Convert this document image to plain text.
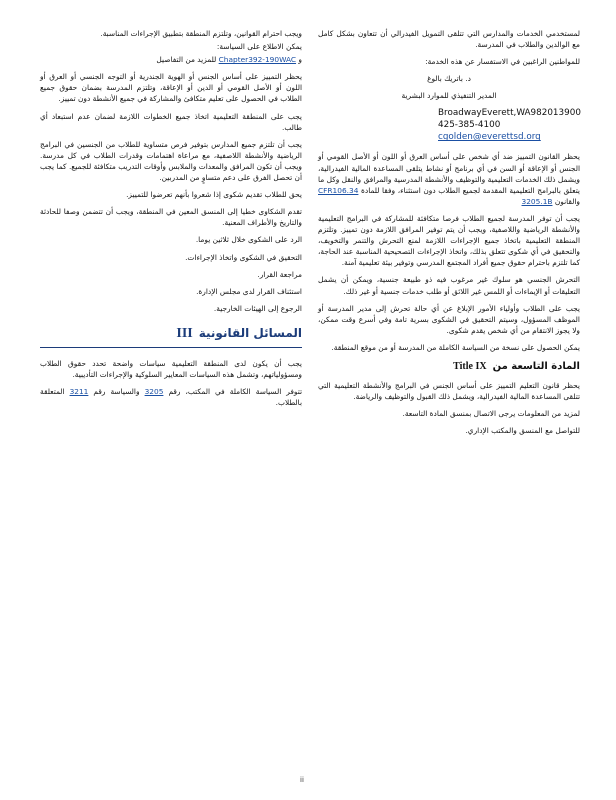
ﻟﻤﺴﺘﺨﺪﻣﻲ ﺍﻟﺨﺪﻣﺎﺕ ﻭﺍﻟﻤﺪﺍﺭﺱ ﺍﻟﺘﻲ ﺗﺘﻠﻘﻰ ﺍﻟﺘﻤﻮﻳﻞ ﺍﻟﻔﻴﺪﺭﺍﻟﻲ ﺃﻥ ﺗﺘﻌﺎﻭﻥ ﺑﺸﻜﻞ ﻛﺎﻣﻞ ﻣﻊ ﺍﻟﻮﺍﻟﺪﻳﻦ ﻭﺍﻟﻄﻼﺏ ﻓﻲ ﺍﻟﻤﺪﺭﺳﺔ.

ﻟﻠﻤﻮﺍﻃﻨﻴﻦ ﺍﻟﺮﺍﻏﺒﻴﻦ ﻓﻲ ﺍﻻﺳﺘﻔﺴﺎﺭ ﻋﻦ ﻫﺬﻩ ﺍﻟﺨﺪﻣﺔ:

ﺩ. ﺑﺎﺗﺮﻳﻚ ﺑﺎﻟﻮﻍ

ﺍﻟﻤﺪﻳﺮ ﺍﻟﺘﻨﻔﻴﺬﻱ ﻟﻠﻤﻮﺍﺭﺩ ﺍﻟﺒﺸﺮﻳﺔ

BroadwayEverett,WA982013900
425-385-4100
cgolden@everettsd.org

ﻳﺤﻈﺮ ﺍﻟﻘﺎﻧﻮﻥ ﺍﻟﺘﻤﻴﻴﺰ ﺿﺪ ﺃﻱ ﺷﺨﺺ ﻋﻠﻰ ﺃﺳﺎﺱ ﺍﻟﻌﺮﻕ ﺃﻭ ﺍﻟﻠﻮﻥ ﺃﻭ ﺍﻷﺻﻞ ﺍﻟﻘﻮﻣﻲ ﺃﻭ ﺍﻟﺠﻨﺲ ﺃﻭ ﺍﻹﻋﺎﻗﺔ ﺃﻭ ﺍﻟﺴﻦ ﻓﻲ ﺃﻱ ﺑﺮﻧﺎﻣﺞ ﺃﻭ ﻧﺸﺎﻁ ﻳﺘﻠﻘﻰ ﺍﻟﻤﺴﺎﻋﺪﺓ ﺍﻟﻤﺎﻟﻴﺔ ﺍﻟﻔﻴﺪﺭﺍﻟﻴﺔ، ﻭﻳﺸﻤﻞ ﺫﻟﻚ ﺍﻟﺨﺪﻣﺎﺕ ﺍﻟﺘﻌﻠﻴﻤﻴﺔ ﻭﺍﻟﺘﻮﻇﻴﻒ ﻭﺍﻷﻧﺸﻄﺔ ﺍﻟﻤﺪﺭﺳﻴﺔ ﻭﺍﻟﻤﺮﺍﻓﻖ ﻭﺍﻟﻨﻘﻞ ﻭﻛﻞ ﻣﺎ ﻳﺘﻌﻠﻖ ﺑﺎﻟﺒﺮﺍﻣﺞ ﺍﻟﺘﻌﻠﻴﻤﻴﺔ ﺍﻟﻤﻘﺪﻣﺔ ﻟﺠﻤﻴﻊ ﺍﻟﻄﻼﺏ ﺩﻭﻥ ﺍﺳﺘﺜﻨﺎﺀ، ﻭﻓﻘﺎ ﻟﻠﻤﺎﺩﺓ CFR106.34 ﻭﺍﻟﻘﺎﻧﻮﻥ 3205.1B

ﻳﺠﺐ ﺃﻥ ﺗﻮﻓﺮ ﺍﻟﻤﺪﺭﺳﺔ ﻟﺠﻤﻴﻊ ﺍﻟﻄﻼﺏ ﻓﺮﺻﺎ ﻣﺘﻜﺎﻓﺌﺔ ﻟﻠﻤﺸﺎﺭﻛﺔ ﻓﻲ ﺍﻟﺒﺮﺍﻣﺞ ﺍﻟﺘﻌﻠﻴﻤﻴﺔ ﻭﺍﻷﻧﺸﻄﺔ ﺍﻟﺮﻳﺎﺿﻴﺔ ﻭﺍﻟﻼﺻﻔﻴﺔ، ﻭﻳﺠﺐ ﺃﻥ ﻳﺘﻢ ﺗﻮﻓﻴﺮ ﺍﻟﻤﺮﺍﻓﻖ ﺍﻟﻼﺯﻣﺔ ﺩﻭﻥ ﺗﻤﻴﻴﺰ. ﻭﺗﻠﺘﺰﻡ ﺍﻟﻤﻨﻄﻘﺔ ﺍﻟﺘﻌﻠﻴﻤﻴﺔ ﺑﺎﺗﺨﺎﺫ ﺟﻤﻴﻊ ﺍﻹﺟﺮﺍﺀﺍﺕ ﺍﻟﻼﺯﻣﺔ ﻟﻤﻨﻊ ﺍﻟﺘﺤﺮﺵ ﻭﺍﻟﺘﻨﻤﺮ ﻭﺍﻟﺘﺨﻮﻳﻒ، ﻭﺍﻟﺘﺤﻘﻴﻖ ﻓﻲ ﺃﻱ ﺷﻜﻮﻯ ﺗﺘﻌﻠﻖ ﺑﺬﻟﻚ، ﻭﺍﺗﺨﺎﺫ ﺍﻹﺟﺮﺍﺀﺍﺕ ﺍﻟﺘﺼﺤﻴﺤﻴﺔ ﺍﻟﻤﻨﺎﺳﺒﺔ ﻋﻨﺪ ﺍﻟﺤﺎﺟﺔ، ﻛﻤﺎ ﺗﻠﺘﺰﻡ ﺑﺎﺣﺘﺮﺍﻡ ﺣﻘﻮﻕ ﺟﻤﻴﻊ ﺃﻓﺮﺍﺩ ﺍﻟﻤﺠﺘﻤﻊ ﺍﻟﻤﺪﺭﺳﻲ ﻭﺗﻮﻓﻴﺮ ﺑﻴﺌﺔ ﺗﻌﻠﻴﻤﻴﺔ ﺁﻣﻨﺔ.

ﺍﻟﺘﺤﺮﺵ ﺍﻟﺠﻨﺴﻲ ﻫﻮ ﺳﻠﻮﻙ ﻏﻴﺮ ﻣﺮﻏﻮﺏ ﻓﻴﻪ ﺫﻭ ﻃﺒﻴﻌﺔ ﺟﻨﺴﻴﺔ، ﻭﻳﻤﻜﻦ ﺃﻥ ﻳﺸﻤﻞ ﺍﻟﺘﻌﻠﻴﻘﺎﺕ ﺃﻭ ﺍﻹﻳﻤﺎﺀﺍﺕ ﺃﻭ ﺍﻟﻠﻤﺲ ﻏﻴﺮ ﺍﻟﻼﺋﻖ ﺃﻭ ﻃﻠﺐ ﺧﺪﻣﺎﺕ ﺟﻨﺴﻴﺔ ﺃﻭ ﻏﻴﺮ ﺫﻟﻚ.

ﻳﺠﺐ ﻋﻠﻰ ﺍﻟﻄﻼﺏ ﻭﺃﻭﻟﻴﺎﺀ ﺍﻷﻣﻮﺭ ﺍﻹﺑﻼﻍ ﻋﻦ ﺃﻱ ﺣﺎﻟﺔ ﺗﺤﺮﺵ ﺇﻟﻰ ﻣﺪﻳﺮ ﺍﻟﻤﺪﺭﺳﺔ ﺃﻭ ﺍﻟﻤﻮﻇﻒ ﺍﻟﻤﺴﺆﻭﻝ، ﻭﺳﻴﺘﻢ ﺍﻟﺘﺤﻘﻴﻖ ﻓﻲ ﺍﻟﺸﻜﻮﻯ ﺑﺴﺮﻳﺔ ﺗﺎﻣﺔ ﻭﻓﻲ ﺃﺳﺮﻉ ﻭﻗﺖ ﻣﻤﻜﻦ، ﻭﻻ ﻳﺠﻮﺯ ﺍﻻﻧﺘﻘﺎﻡ ﻣﻦ ﺃﻱ ﺷﺨﺺ ﻳﻘﺪﻡ ﺷﻜﻮﻯ.

ﻳﻤﻜﻦ ﺍﻟﺤﺼﻮﻝ ﻋﻠﻰ ﻧﺴﺨﺔ ﻣﻦ ﺍﻟﺴﻴﺎﺳﺔ ﺍﻟﻜﺎﻣﻠﺔ ﻣﻦ ﺍﻟﻤﺪﺭﺳﺔ ﺃﻭ ﻣﻦ ﻣﻮﻗﻊ ﺍﻟﻤﻨﻄﻘﺔ.

ﺍﻟﻤﺎﺩﺓ ﺍﻟﺘﺎﺳﻌﺔ ﻣﻦ
Title IX

ﻳﺤﻈﺮ ﻗﺎﻧﻮﻥ ﺍﻟﺘﻌﻠﻴﻢ ﺍﻟﺘﻤﻴﻴﺰ ﻋﻠﻰ ﺃﺳﺎﺱ ﺍﻟﺠﻨﺲ ﻓﻲ ﺍﻟﺒﺮﺍﻣﺞ ﻭﺍﻷﻧﺸﻄﺔ ﺍﻟﺘﻌﻠﻴﻤﻴﺔ ﺍﻟﺘﻲ ﺗﺘﻠﻘﻰ ﺍﻟﻤﺴﺎﻋﺪﺓ ﺍﻟﻤﺎﻟﻴﺔ ﺍﻟﻔﻴﺪﺭﺍﻟﻴﺔ، ﻭﻳﺸﻤﻞ ﺫﻟﻚ ﺍﻟﻘﺒﻮﻝ ﻭﺍﻟﺘﻮﻇﻴﻒ ﻭﺍﻟﺮﻳﺎﺿﺔ.

ﻟﻤﺰﻳﺪ ﻣﻦ ﺍﻟﻤﻌﻠﻮﻣﺎﺕ ﻳﺮﺟﻰ ﺍﻻﺗﺼﺎﻝ ﺑﻤﻨﺴﻖ ﺍﻟﻤﺎﺩﺓ ﺍﻟﺘﺎﺳﻌﺔ.

ﻟﻠﺘﻮﺍﺻﻞ ﻣﻊ ﺍﻟﻤﻨﺴﻖ ﻭﺍﻟﻤﻜﺘﺐ ﺍﻹﺩﺍﺭﻱ.

ﻭﻳﺠﺐ ﺍﺣﺘﺮﺍﻡ ﺍﻟﻘﻮﺍﻧﻴﻦ، ﻭﺗﻠﺘﺰﻡ ﺍﻟﻤﻨﻄﻘﺔ ﺑﺘﻄﺒﻴﻖ ﺍﻹﺟﺮﺍﺀﺍﺕ ﺍﻟﻤﻨﺎﺳﺒﺔ.

ﻳﻤﻜﻦ ﺍﻻﻃﻼﻉ ﻋﻠﻰ ﺍﻟﺴﻴﺎﺳﺔ:

ﻭ Chapter392-190WAC ﻟﻠﻤﺰﻳﺪ ﻣﻦ ﺍﻟﺘﻔﺎﺻﻴﻞ

ﻳﺤﻈﺮ ﺍﻟﺘﻤﻴﻴﺰ ﻋﻠﻰ ﺃﺳﺎﺱ ﺍﻟﺠﻨﺲ ﺃﻭ ﺍﻟﻬﻮﻳﺔ ﺍﻟﺠﻨﺪﺭﻳﺔ ﺃﻭ ﺍﻟﺘﻮﺟﻪ ﺍﻟﺠﻨﺴﻲ ﺃﻭ ﺍﻟﻌﺮﻕ ﺃﻭ ﺍﻟﻠﻮﻥ ﺃﻭ ﺍﻷﺻﻞ ﺍﻟﻘﻮﻣﻲ ﺃﻭ ﺍﻟﺪﻳﻦ ﺃﻭ ﺍﻹﻋﺎﻗﺔ، ﻭﺗﻠﺘﺰﻡ ﺍﻟﻤﺪﺭﺳﺔ ﺑﻀﻤﺎﻥ ﺣﻘﻮﻕ ﺟﻤﻴﻊ ﺍﻟﻄﻼﺏ ﻓﻲ ﺍﻟﺤﺼﻮﻝ ﻋﻠﻰ ﺗﻌﻠﻴﻢ ﻣﺘﻜﺎﻓﺊ ﻭﺍﻟﻤﺸﺎﺭﻛﺔ ﻓﻲ ﺟﻤﻴﻊ ﺍﻷﻧﺸﻄﺔ ﺩﻭﻥ ﺗﻤﻴﻴﺰ.

ﻳﺠﺐ ﻋﻠﻰ ﺍﻟﻤﻨﻄﻘﺔ ﺍﻟﺘﻌﻠﻴﻤﻴﺔ ﺍﺗﺨﺎﺫ ﺟﻤﻴﻊ ﺍﻟﺨﻄﻮﺍﺕ ﺍﻟﻼﺯﻣﺔ ﻟﻀﻤﺎﻥ ﻋﺪﻡ ﺍﺳﺘﺒﻌﺎﺩ ﺃﻱ ﻃﺎﻟﺐ.

ﻳﺠﺐ ﺃﻥ ﺗﻠﺘﺰﻡ ﺟﻤﻴﻊ ﺍﻟﻤﺪﺍﺭﺱ ﺑﺘﻮﻓﻴﺮ ﻓﺮﺹ ﻣﺘﺴﺎﻭﻳﺔ ﻟﻠﻄﻼﺏ ﻣﻦ ﺍﻟﺠﻨﺴﻴﻦ ﻓﻲ ﺍﻟﺒﺮﺍﻣﺞ ﺍﻟﺮﻳﺎﺿﻴﺔ ﻭﺍﻷﻧﺸﻄﺔ ﺍﻟﻼﺻﻔﻴﺔ، ﻣﻊ ﻣﺮﺍﻋﺎﺓ ﺍﻫﺘﻤﺎﻣﺎﺕ ﻭﻗﺪﺭﺍﺕ ﺍﻟﻄﻼﺏ ﻓﻲ ﻛﻞ ﻣﺪﺭﺳﺔ. ﻭﻳﺠﺐ ﺃﻥ ﺗﻜﻮﻥ ﺍﻟﻤﺮﺍﻓﻖ ﻭﺍﻟﻤﻌﺪﺍﺕ ﻭﺍﻟﻤﻼﺑﺲ ﻭﺃﻭﻗﺎﺕ ﺍﻟﺘﺪﺭﻳﺐ ﻣﺘﻜﺎﻓﺌﺔ ﻟﻠﺠﻤﻴﻊ. ﻛﻤﺎ ﻳﺠﺐ ﺃﻥ ﺗﺤﺼﻞ ﺍﻟﻔﺮﻕ ﻋﻠﻰ ﺩﻋﻢ ﻣﺘﺴﺎﻭٍ ﻣﻦ ﺍﻟﻤﺪﺭﺑﻴﻦ.

ﻳﺤﻖ ﻟﻠﻄﻼﺏ ﺗﻘﺪﻳﻢ ﺷﻜﻮﻯ ﺇﺫﺍ ﺷﻌﺮﻭﺍ ﺑﺄﻧﻬﻢ ﺗﻌﺮﺿﻮﺍ ﻟﻠﺘﻤﻴﻴﺰ.

ﺗﻘﺪﻡ ﺍﻟﺸﻜﺎﻭﻯ ﺧﻄﻴﺎ ﺇﻟﻰ ﺍﻟﻤﻨﺴﻖ ﺍﻟﻤﻌﻴﻦ ﻓﻲ ﺍﻟﻤﻨﻄﻘﺔ، ﻭﻳﺠﺐ ﺃﻥ ﺗﺘﻀﻤﻦ ﻭﺻﻔﺎ ﻟﻠﺤﺎﺩﺛﺔ ﻭﺍﻟﺘﺎﺭﻳﺦ ﻭﺍﻷﻃﺮﺍﻑ ﺍﻟﻤﻌﻨﻴﺔ.

ﺍﻟﺮﺩ ﻋﻠﻰ ﺍﻟﺸﻜﻮﻯ ﺧﻼﻝ ﺛﻼﺛﻴﻦ ﻳﻮﻣﺎ.

ﺍﻟﺘﺤﻘﻴﻖ ﻓﻲ ﺍﻟﺸﻜﻮﻯ ﻭﺍﺗﺨﺎﺫ ﺍﻹﺟﺮﺍﺀﺍﺕ.

ﻣﺮﺍﺟﻌﺔ ﺍﻟﻘﺮﺍﺭ.

ﺍﺳﺘﺌﻨﺎﻑ ﺍﻟﻘﺮﺍﺭ ﻟﺪﻯ ﻣﺠﻠﺲ ﺍﻹﺩﺍﺭﺓ.

ﺍﻟﺮﺟﻮﻉ ﺇﻟﻰ ﺍﻟﻬﻴﺌﺎﺕ ﺍﻟﺨﺎﺭﺟﻴﺔ.

ﺍﻟﻤﺴﺎﺋﻞ ﺍﻟﻘﺎﻧﻮﻧﻴﺔ
III

ﻳﺠﺐ ﺃﻥ ﻳﻜﻮﻥ ﻟﺪﻯ ﺍﻟﻤﻨﻄﻘﺔ ﺍﻟﺘﻌﻠﻴﻤﻴﺔ ﺳﻴﺎﺳﺎﺕ ﻭﺍﺿﺤﺔ ﺗﺤﺪﺩ ﺣﻘﻮﻕ ﺍﻟﻄﻼﺏ ﻭﻣﺴﺆﻭﻟﻴﺎﺗﻬﻢ، ﻭﺗﺸﻤﻞ ﻫﺬﻩ ﺍﻟﺴﻴﺎﺳﺎﺕ ﺍﻟﻤﻌﺎﻳﻴﺮ ﺍﻟﺴﻠﻮﻛﻴﺔ ﻭﺍﻹﺟﺮﺍﺀﺍﺕ ﺍﻟﺘﺄﺩﻳﺒﻴﺔ.

ﺗﺘﻮﻓﺮ ﺍﻟﺴﻴﺎﺳﺔ ﺍﻟﻜﺎﻣﻠﺔ ﻓﻲ ﺍﻟﻤﻜﺘﺐ، ﺭﻗﻢ 3205 ﻭﺍﻟﺴﻴﺎﺳﺔ ﺭﻗﻢ 3211 ﺍﻟﻤﺘﻌﻠﻘﺔ ﺑﺎﻟﻄﻼﺏ.

ii
